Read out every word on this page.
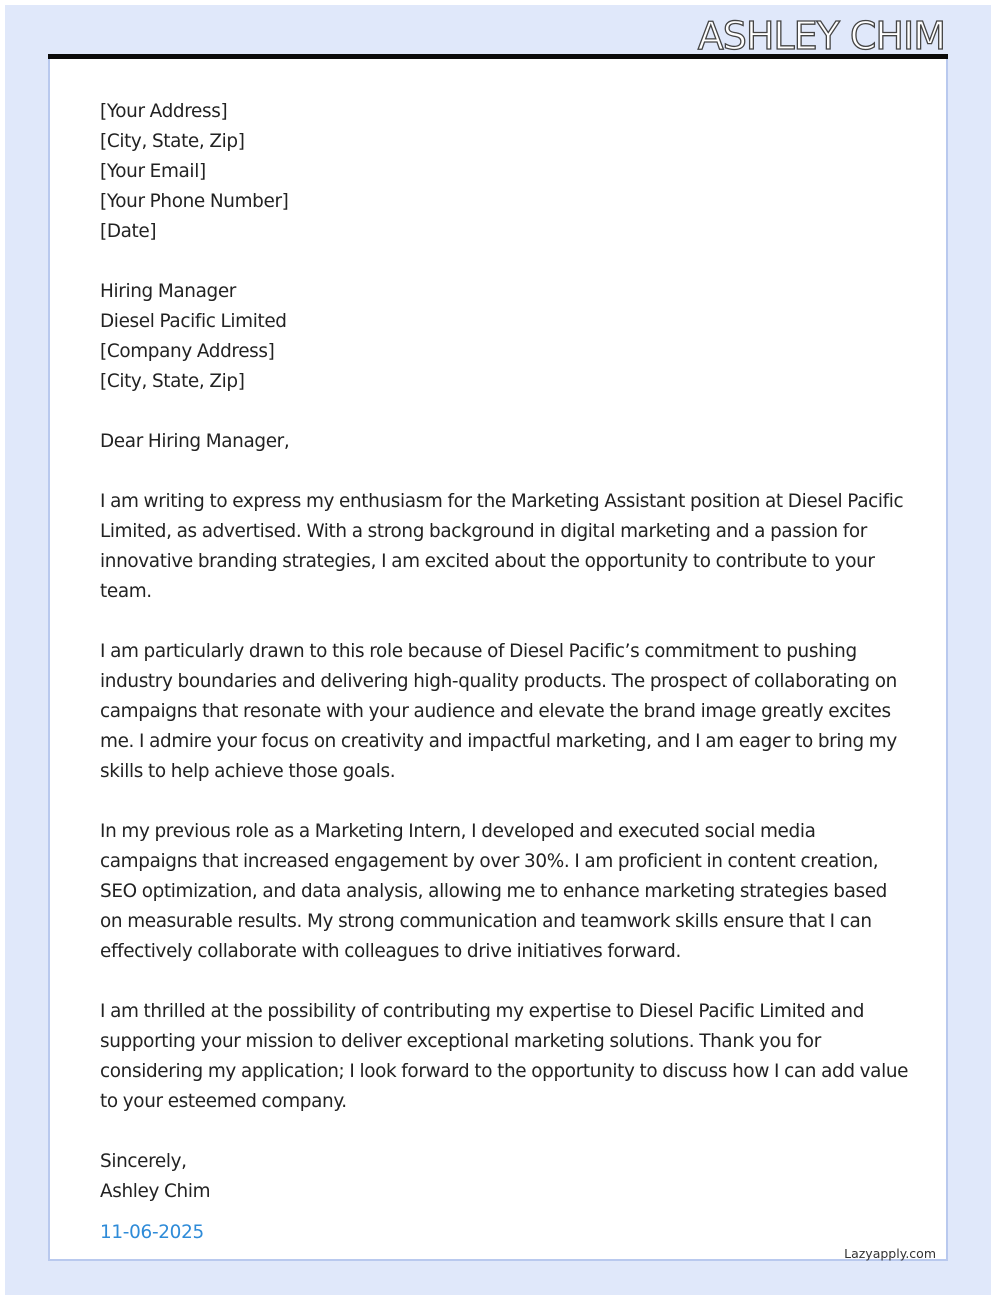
ASHLEY CHIM
[Your Address]
[City, State, Zip]
[Your Email]
[Your Phone Number]
[Date]
Hiring Manager
Diesel Pacific Limited
[Company Address]
[City, State, Zip]

Dear Hiring Manager,

I am writing to express my enthusiasm for the Marketing Assistant position at Diesel Pacific Limited, as advertised. With a strong background in digital marketing and a passion for innovative branding strategies, I am excited about the opportunity to contribute to your team.

I am particularly drawn to this role because of Diesel Pacific’s commitment to pushing industry boundaries and delivering high-quality products. The prospect of collaborating on campaigns that resonate with your audience and elevate the brand image greatly excites me. I admire your focus on creativity and impactful marketing, and I am eager to bring my skills to help achieve those goals.

In my previous role as a Marketing Intern, I developed and executed social media campaigns that increased engagement by over 30%. I am proficient in content creation, SEO optimization, and data analysis, allowing me to enhance marketing strategies based on measurable results. My strong communication and teamwork skills ensure that I can effectively collaborate with colleagues to drive initiatives forward.

I am thrilled at the possibility of contributing my expertise to Diesel Pacific Limited and supporting your mission to deliver exceptional marketing solutions. Thank you for considering my application; I look forward to the opportunity to discuss how I can add value to your esteemed company.

Sincerely,
Ashley Chim
11-06-2025
Lazyapply.com
